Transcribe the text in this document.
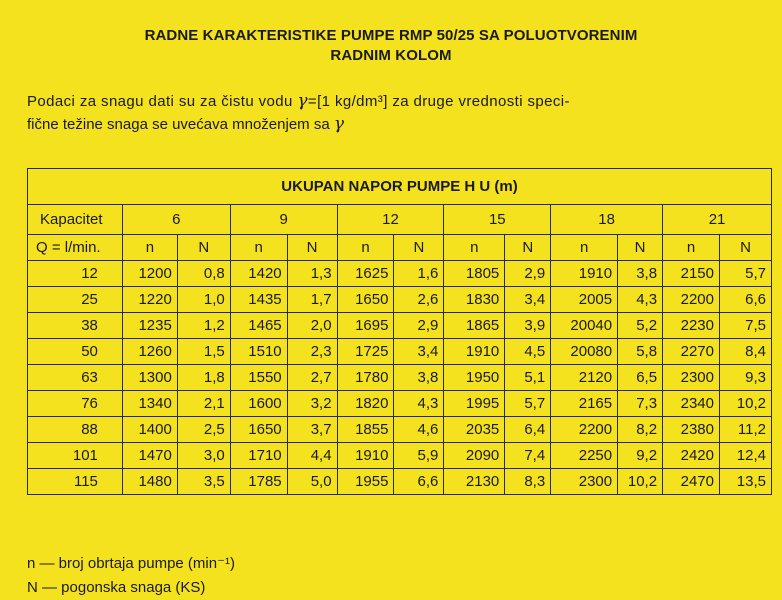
RADNE KARAKTERISTIKE PUMPE RMP 50/25 SA POLUOTVORENIM
RADNIM KOLOM
Podaci za snagu dati su za čistu vodu γ=[1 kg/dm³] za druge vrednosti speci-
fične težine snaga se uvećava množenjem sa γ
UKUPAN NAPOR PUMPE H U (m)												
Kapacitet	6		9		12		15		18		21	
Q = l/min.	n	N	n	N	n	N	n	N	n	N	n	N
12	1200	0,8	1420	1,3	1625	1,6	1805	2,9	1910	3,8	2150	5,7
25	1220	1,0	1435	1,7	1650	2,6	1830	3,4	2005	4,3	2200	6,6
38	1235	1,2	1465	2,0	1695	2,9	1865	3,9	20040	5,2	2230	7,5
50	1260	1,5	1510	2,3	1725	3,4	1910	4,5	20080	5,8	2270	8,4
63	1300	1,8	1550	2,7	1780	3,8	1950	5,1	2120	6,5	2300	9,3
76	1340	2,1	1600	3,2	1820	4,3	1995	5,7	2165	7,3	2340	10,2
88	1400	2,5	1650	3,7	1855	4,6	2035	6,4	2200	8,2	2380	11,2
101	1470	3,0	1710	4,4	1910	5,9	2090	7,4	2250	9,2	2420	12,4
115	1480	3,5	1785	5,0	1955	6,6	2130	8,3	2300	10,2	2470	13,5
n — broj obrtaja pumpe (min⁻¹)
N — pogonska snaga (KS)
